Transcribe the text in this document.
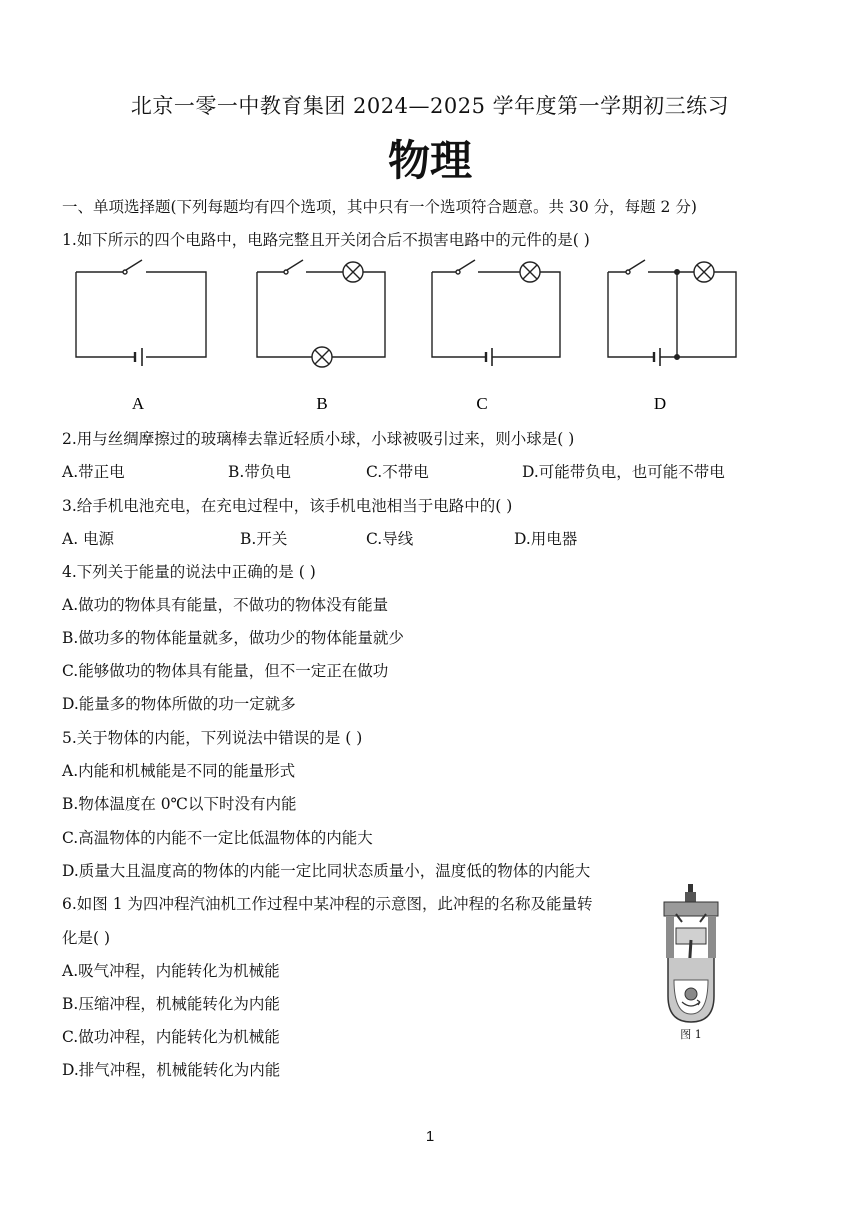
北京一零一中教育集团 2024—2025 学年度第一学期初三练习
物理
一、单项选择题(下列每题均有四个选项，其中只有一个选项符合题意。共 30 分，每题 2 分)
1.如下所示的四个电路中，电路完整且开关闭合后不损害电路中的元件的是( )
A	B	C	D
2.用与丝绸摩擦过的玻璃棒去靠近轻质小球，小球被吸引过来，则小球是( )
A.带正电	B.带负电	C.不带电	D.可能带负电，也可能不带电
3.给手机电池充电，在充电过程中，该手机电池相当于电路中的( )
A. 电源	B.开关	C.导线	D.用电器
4.下列关于能量的说法中正确的是 ( )
A.做功的物体具有能量，不做功的物体没有能量
B.做功多的物体能量就多，做功少的物体能量就少
C.能够做功的物体具有能量，但不一定正在做功
D.能量多的物体所做的功一定就多
5.关于物体的内能，下列说法中错误的是 ( )
A.内能和机械能是不同的能量形式
B.物体温度在 0℃以下时没有内能
C.高温物体的内能不一定比低温物体的内能大
D.质量大且温度高的物体的内能一定比同状态质量小，温度低的物体的内能大
6.如图 1 为四冲程汽油机工作过程中某冲程的示意图，此冲程的名称及能量转
化是( )
A.吸气冲程，内能转化为机械能
B.压缩冲程，机械能转化为内能
C.做功冲程，内能转化为机械能
D.排气冲程，机械能转化为内能
图 1
1
